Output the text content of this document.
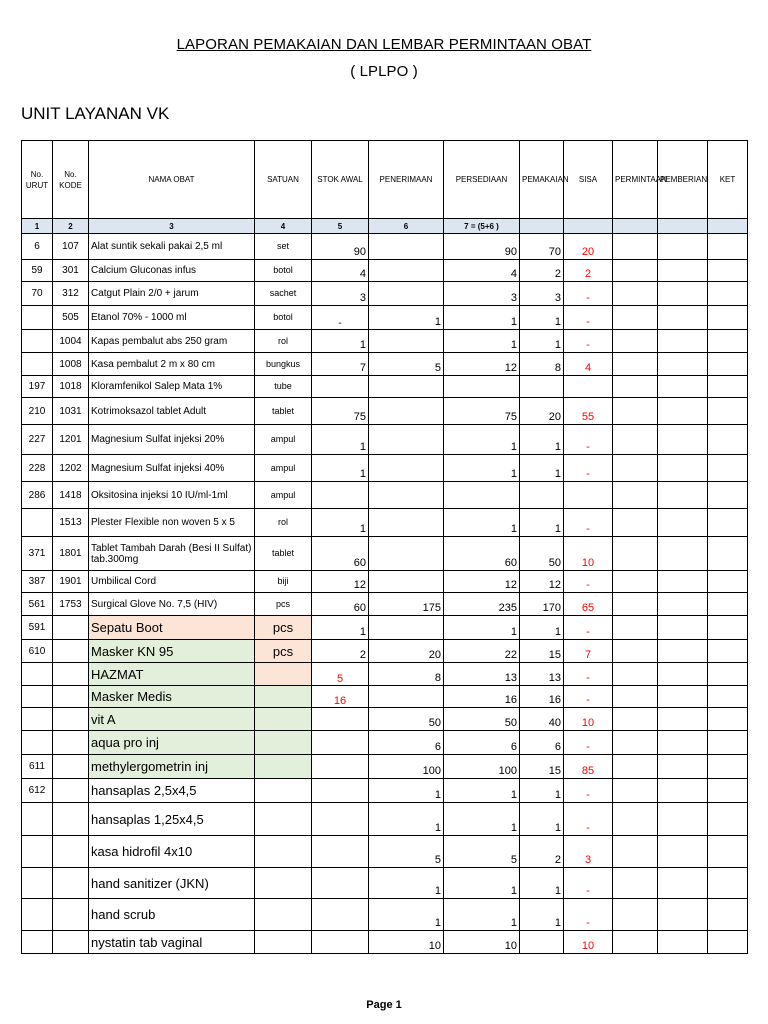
LAPORAN PEMAKAIAN DAN LEMBAR PERMINTAAN OBAT
( LPLPO )
UNIT LAYANAN VK
No. URUT	No. KODE	NAMA OBAT	SATUAN	STOK AWAL	PENERIMAAN	PERSEDIAAN	PEMAKAIAN	SISA	PERMINTAAN	PEMBERIAN	KET
1	2	3	4	5	6	7 = (5+6 )					
6	107	Alat suntik sekali pakai 2,5 ml	set	90		90	70	20			
59	301	Calcium Gluconas infus	botol	4		4	2	2			
70	312	Catgut Plain 2/0 + jarum	sachet	3		3	3	-			
	505	Etanol 70% - 1000 ml	botol	-	1	1	1	-			
	1004	Kapas pembalut abs 250 gram	rol	1		1	1	-			
	1008	Kasa pembalut 2 m x 80 cm	bungkus	7	5	12	8	4			
197	1018	Kloramfenikol Salep Mata 1%	tube								
210	1031	Kotrimoksazol tablet Adult	tablet	75		75	20	55			
227	1201	Magnesium Sulfat injeksi 20%	ampul	1		1	1	-			
228	1202	Magnesium Sulfat injeksi 40%	ampul	1		1	1	-			
286	1418	Oksitosina injeksi 10 IU/ml-1ml	ampul								
	1513	Plester Flexible non woven 5 x 5	rol	1		1	1	-			
371	1801	Tablet Tambah Darah (Besi II Sulfat) tab.300mg	tablet	60		60	50	10			
387	1901	Umbilical Cord	biji	12		12	12	-			
561	1753	Surgical Glove No. 7,5 (HIV)	pcs	60	175	235	170	65			
591		Sepatu Boot	pcs	1		1	1	-			
610		Masker KN 95	pcs	2	20	22	15	7			
		HAZMAT		5	8	13	13	-			
		Masker Medis		16		16	16	-			
		vit A			50	50	40	10			
		aqua pro inj			6	6	6	-			
611		methylergometrin inj			100	100	15	85			
612		hansaplas 2,5x4,5			1	1	1	-			
		hansaplas 1,25x4,5			1	1	1	-			
		kasa hidrofil 4x10			5	5	2	3			
		hand sanitizer (JKN)			1	1	1	-			
		hand scrub			1	1	1	-			
		nystatin tab vaginal			10	10		10			
Page 1
